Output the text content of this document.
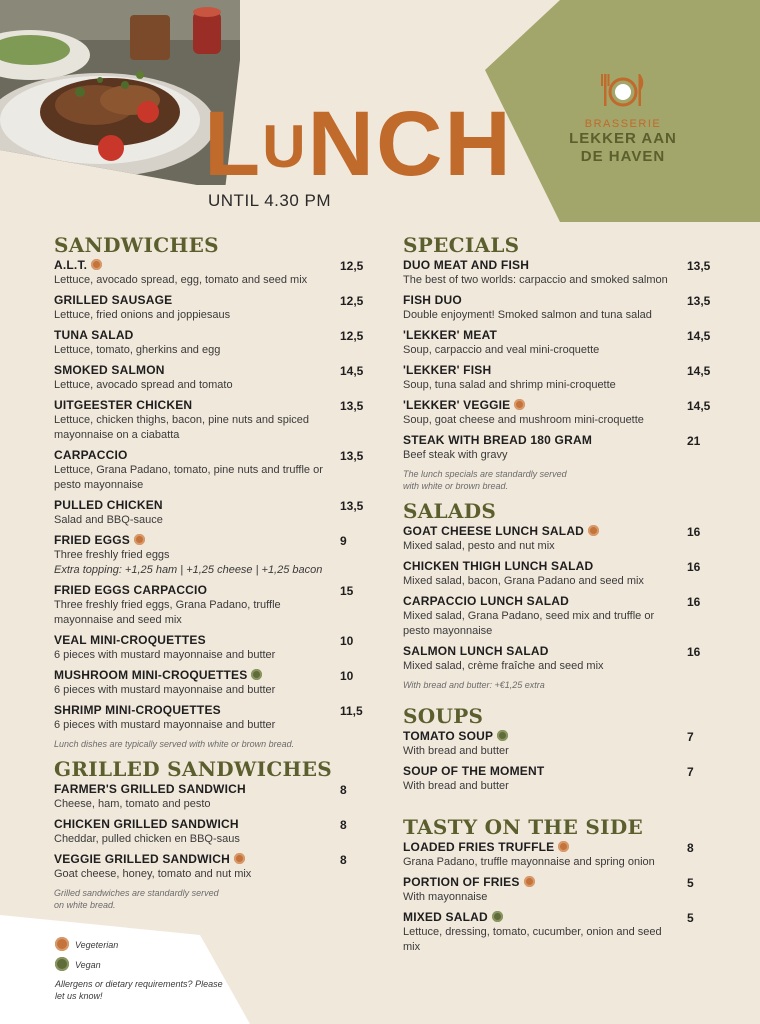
LUNCH
UNTIL 4.30 PM
BRASSERIE
LEKKER AAN
DE HAVEN
SANDWICHES
A.L.T.	12,5
Lettuce, avocado spread, egg, tomato and seed mix
GRILLED SAUSAGE	12,5
Lettuce, fried onions and joppiesaus
TUNA SALAD	12,5
Lettuce, tomato, gherkins and egg
SMOKED SALMON	14,5
Lettuce, avocado spread and tomato
UITGEESTER CHICKEN	13,5
Lettuce, chicken thighs, bacon, pine nuts and spiced mayonnaise on a ciabatta
CARPACCIO	13,5
Lettuce, Grana Padano, tomato, pine nuts and truffle or pesto mayonnaise
PULLED CHICKEN	13,5
Salad and BBQ-sauce
FRIED EGGS	9
Three freshly fried eggs
Extra topping: +1,25 ham | +1,25 cheese | +1,25 bacon
FRIED EGGS CARPACCIO	15
Three freshly fried eggs, Grana Padano, truffle mayonnaise and seed mix
VEAL MINI-CROQUETTES	10
6 pieces with mustard mayonnaise and butter
MUSHROOM MINI-CROQUETTES	10
6 pieces with mustard mayonnaise and butter
SHRIMP MINI-CROQUETTES	11,5
6 pieces with mustard mayonnaise and butter
Lunch dishes are typically served with white or brown bread.
GRILLED SANDWICHES
FARMER'S GRILLED SANDWICH	8
Cheese, ham, tomato and pesto
CHICKEN GRILLED SANDWICH	8
Cheddar, pulled chicken en BBQ-saus
VEGGIE GRILLED SANDWICH	8
Goat cheese, honey, tomato and nut mix
Grilled sandwiches are standardly served on white bread.
SPECIALS
DUO MEAT AND FISH	13,5
The best of two worlds: carpaccio and smoked salmon
FISH DUO	13,5
Double enjoyment! Smoked salmon and tuna salad
'LEKKER' MEAT	14,5
Soup, carpaccio and veal mini-croquette
'LEKKER' FISH	14,5
Soup, tuna salad and shrimp mini-croquette
'LEKKER' VEGGIE	14,5
Soup, goat cheese and mushroom mini-croquette
STEAK WITH BREAD 180 GRAM	21
Beef steak with gravy
The lunch specials are standardly served with white or brown bread.
SALADS
GOAT CHEESE LUNCH SALAD	16
Mixed salad, pesto and nut mix
CHICKEN THIGH LUNCH SALAD	16
Mixed salad, bacon, Grana Padano and seed mix
CARPACCIO LUNCH SALAD	16
Mixed salad, Grana Padano, seed mix and truffle or pesto mayonnaise
SALMON LUNCH SALAD	16
Mixed salad, crème fraîche and seed mix
With bread and butter: +€1,25 extra
SOUPS
TOMATO SOUP	7
With bread and butter
SOUP OF THE MOMENT	7
With bread and butter
TASTY ON THE SIDE
LOADED FRIES TRUFFLE	8
Grana Padano, truffle mayonnaise and spring onion
PORTION OF FRIES	5
With mayonnaise
MIXED SALAD	5
Lettuce, dressing, tomato, cucumber, onion and seed mix
Vegeterian
Vegan
Allergens or dietary requirements? Please let us know!
